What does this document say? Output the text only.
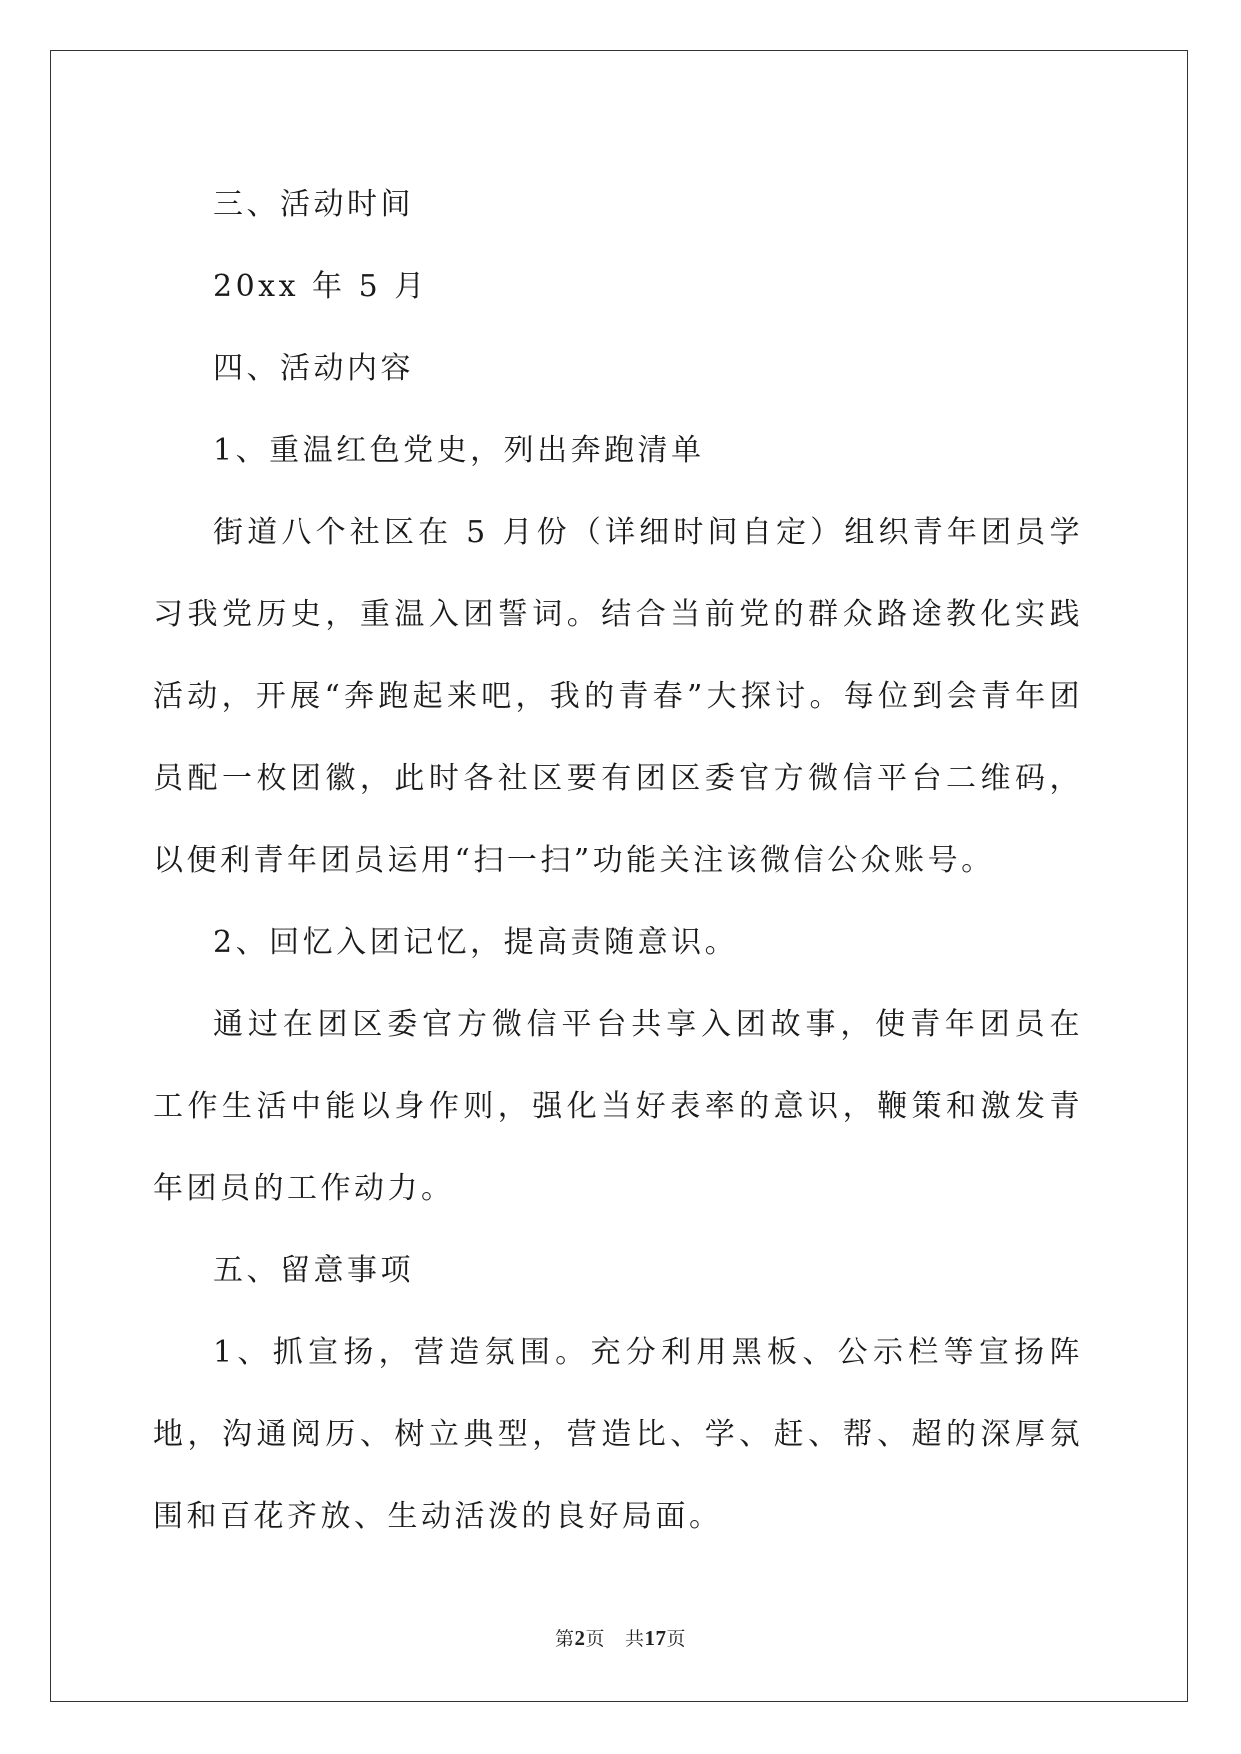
三、活动时间

20xx 年 5 月

四、活动内容

1、重温红色党史，列出奔跑清单

街道八个社区在 5 月份（详细时间自定）组织青年团员学习我党历史，重温入团誓词。结合当前党的群众路途教化实践活动，开展“奔跑起来吧，我的青春”大探讨。每位到会青年团员配一枚团徽，此时各社区要有团区委官方微信平台二维码，以便利青年团员运用“扫一扫”功能关注该微信公众账号。

2、回忆入团记忆，提高责随意识。

通过在团区委官方微信平台共享入团故事，使青年团员在工作生活中能以身作则，强化当好表率的意识，鞭策和激发青年团员的工作动力。

五、留意事项

1、抓宣扬，营造氛围。充分利用黑板、公示栏等宣扬阵地，沟通阅历、树立典型，营造比、学、赶、帮、超的深厚氛围和百花齐放、生动活泼的良好局面。

第2页 共17页
